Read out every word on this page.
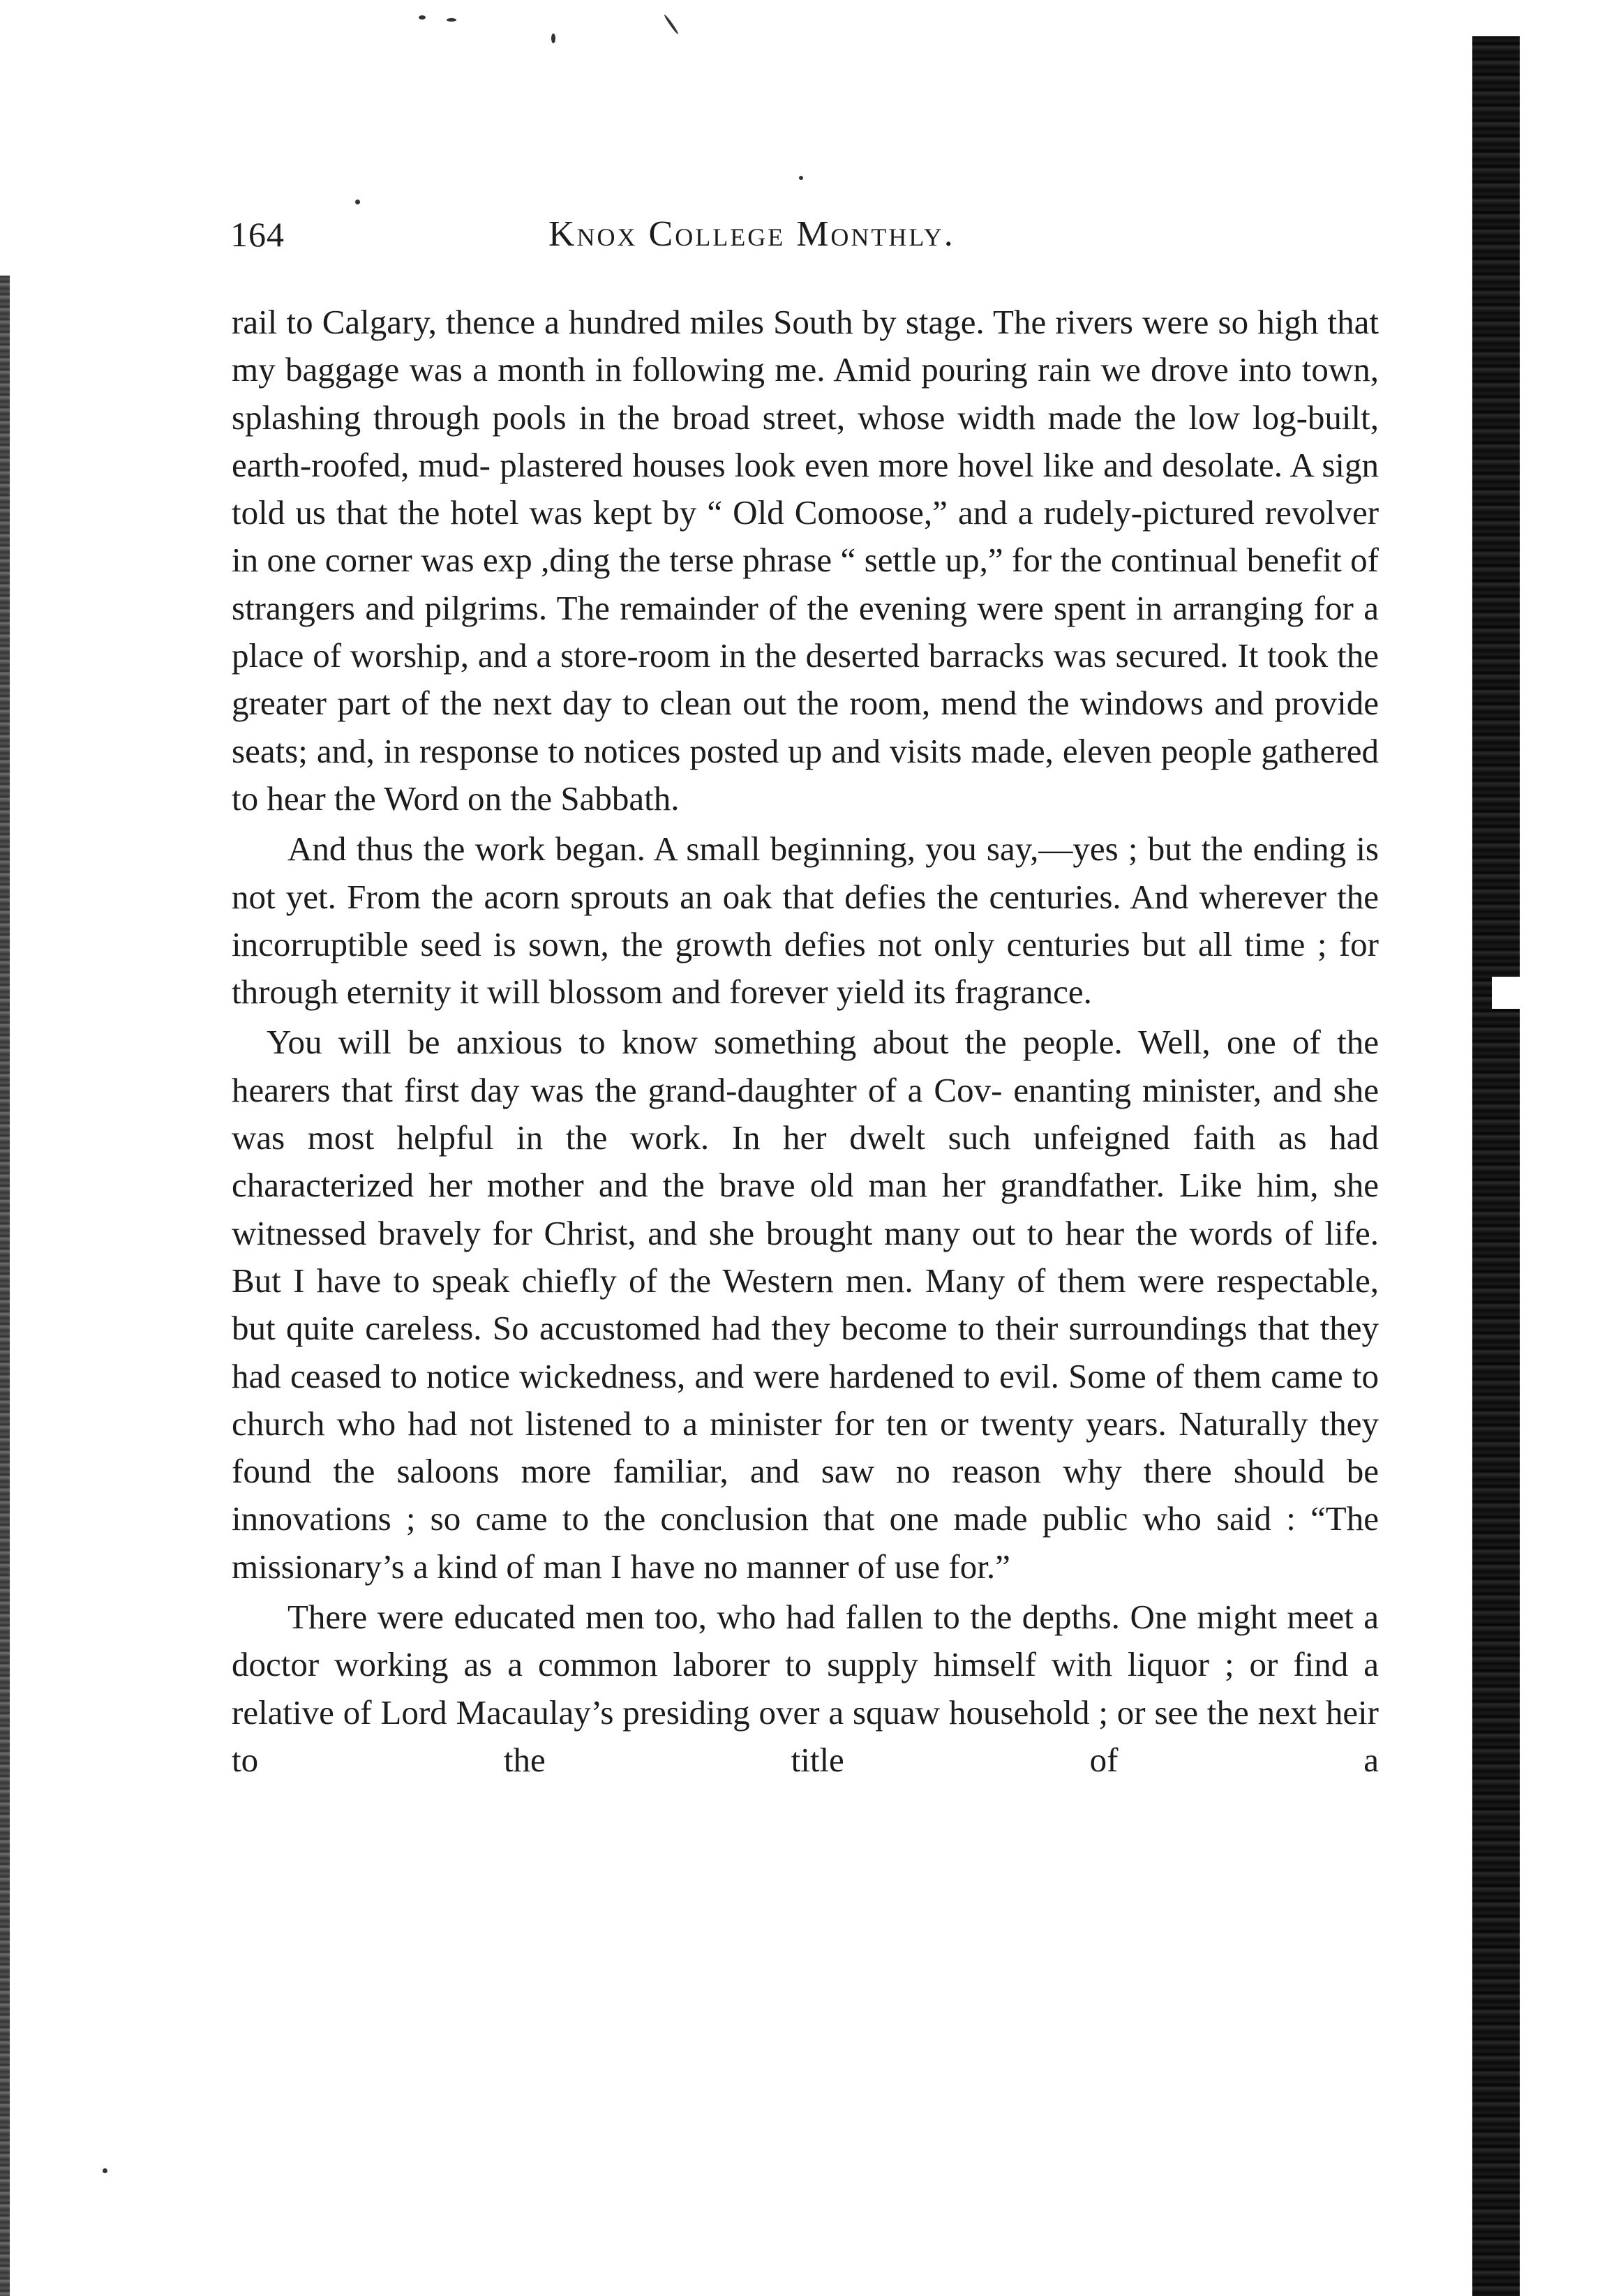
164	Knox College Monthly.

rail to Calgary, thence a hundred miles South by stage. The rivers were so high that my baggage was a month in following me. Amid pouring rain we drove into town, splashing through pools in the broad street, whose width made the low log-built, earth-roofed, mud- plastered houses look even more hovel like and desolate. A sign told us that the hotel was kept by “ Old Comoose,” and a rudely-pictured revolver in one corner was exp ,ding the terse phrase “ settle up,” for the continual benefit of strangers and pilgrims. The remainder of the evening were spent in arranging for a place of worship, and a store-room in the deserted barracks was secured. It took the greater part of the next day to clean out the room, mend the windows and provide seats; and, in response to notices posted up and visits made, eleven people gathered to hear the Word on the Sabbath.

And thus the work began. A small beginning, you say,—yes ; but the ending is not yet. From the acorn sprouts an oak that defies the centuries. And wherever the incorruptible seed is sown, the growth defies not only centuries but all time ; for through eternity it will blossom and forever yield its fragrance.

You will be anxious to know something about the people. Well, one of the hearers that first day was the grand-daughter of a Cov- enanting minister, and she was most helpful in the work. In her dwelt such unfeigned faith as had characterized her mother and the brave old man her grandfather. Like him, she witnessed bravely for Christ, and she brought many out to hear the words of life. But I have to speak chiefly of the Western men. Many of them were respectable, but quite careless. So accustomed had they become to their surroundings that they had ceased to notice wickedness, and were hardened to evil. Some of them came to church who had not listened to a minister for ten or twenty years. Naturally they found the saloons more familiar, and saw no reason why there should be innovations ; so came to the conclusion that one made public who said : “The missionary’s a kind of man I have no manner of use for.”

There were educated men too, who had fallen to the depths. One might meet a doctor working as a common laborer to supply himself with liquor ; or find a relative of Lord Macaulay’s presiding over a squaw household ; or see the next heir to the title of a
